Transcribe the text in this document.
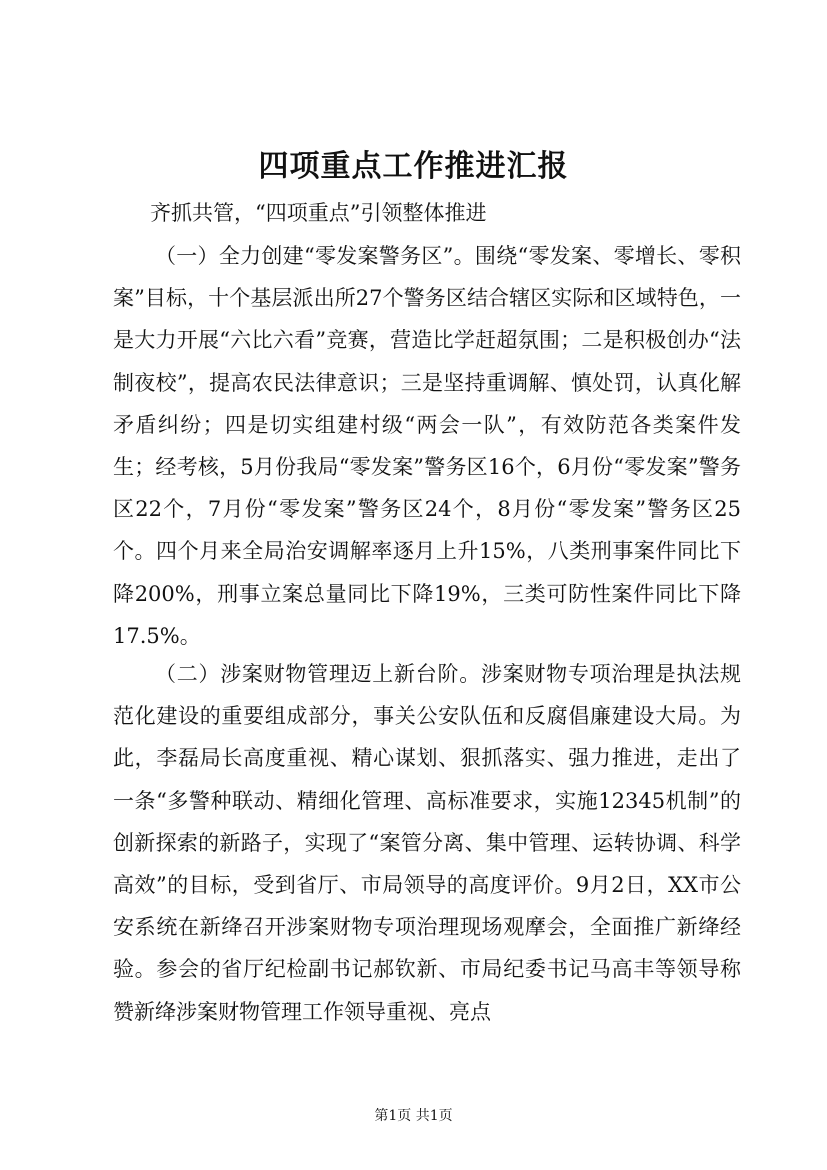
四项重点工作推进汇报

齐抓共管，“四项重点”引领整体推进

（一）全力创建“零发案警务区”。围绕“零发案、零增长、零积案”目标，十个基层派出所27个警务区结合辖区实际和区域特色，一是大力开展“六比六看”竞赛，营造比学赶超氛围；二是积极创办“法制夜校”，提高农民法律意识；三是坚持重调解、慎处罚，认真化解矛盾纠纷；四是切实组建村级“两会一队”，有效防范各类案件发生；经考核，5月份我局“零发案”警务区16个，6月份“零发案”警务区22个，7月份“零发案”警务区24个，8月份“零发案”警务区25个。四个月来全局治安调解率逐月上升15%，八类刑事案件同比下降200%，刑事立案总量同比下降19%，三类可防性案件同比下降17.5%。

（二）涉案财物管理迈上新台阶。涉案财物专项治理是执法规范化建设的重要组成部分，事关公安队伍和反腐倡廉建设大局。为此，李磊局长高度重视、精心谋划、狠抓落实、强力推进，走出了一条“多警种联动、精细化管理、高标准要求，实施12345机制”的创新探索的新路子，实现了“案管分离、集中管理、运转协调、科学高效”的目标，受到省厅、市局领导的高度评价。9月2日，XX市公安系统在新绛召开涉案财物专项治理现场观摩会，全面推广新绛经验。参会的省厅纪检副书记郝钦新、市局纪委书记马高丰等领导称赞新绛涉案财物管理工作领导重视、亮点

第1页 共1页
